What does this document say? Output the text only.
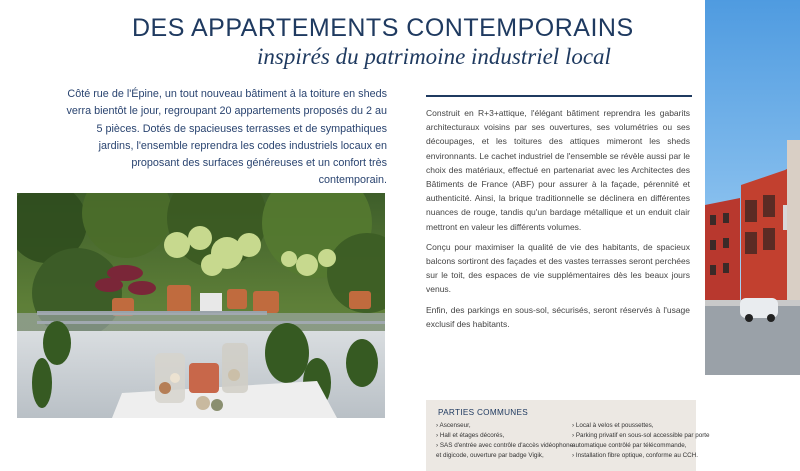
DES APPARTEMENTS CONTEMPORAINS
inspirés du patrimoine industriel local

Côté rue de l'Épine, un tout nouveau bâtiment à la toiture en sheds verra bientôt le jour, regroupant 20 appartements proposés du 2 au 5 pièces. Dotés de spacieuses terrasses et de sympathiques jardins, l'ensemble reprendra les codes industriels locaux en proposant des surfaces généreuses et un confort très contemporain.

Construit en R+3+attique, l'élégant bâtiment reprendra les gabarits architecturaux voisins par ses ouvertures, ses volumétries ou ses découpages, et les toitures des attiques mimeront les sheds environnants. Le cachet industriel de l'ensemble se révèle aussi par le choix des matériaux, effectué en partenariat avec les Architectes des Bâtiments de France (ABF) pour assurer à la façade, pérennité et authenticité. Ainsi, la brique traditionnelle se déclinera en différentes nuances de rouge, tandis qu'un bardage métallique et un enduit clair mettront en valeur les différents volumes.

Conçu pour maximiser la qualité de vie des habitants, de spacieux balcons sortiront des façades et des vastes terrasses seront perchées sur le toit, des espaces de vie supplémentaires dès les beaux jours venus.

Enfin, des parkings en sous-sol, sécurisés, seront réservés à l'usage exclusif des habitants.

PARTIES COMMUNES
› Ascenseur,
› Hall et étages décorés,
› SAS d'entrée avec contrôle d'accès vidéophone
et digicode, ouverture par badge Vigik,
› Local à velos et poussettes,
› Parking privatif en sous-sol accessible par porte
automatique contrôlé par télécommande,
› Installation fibre optique, conforme au CCH.
